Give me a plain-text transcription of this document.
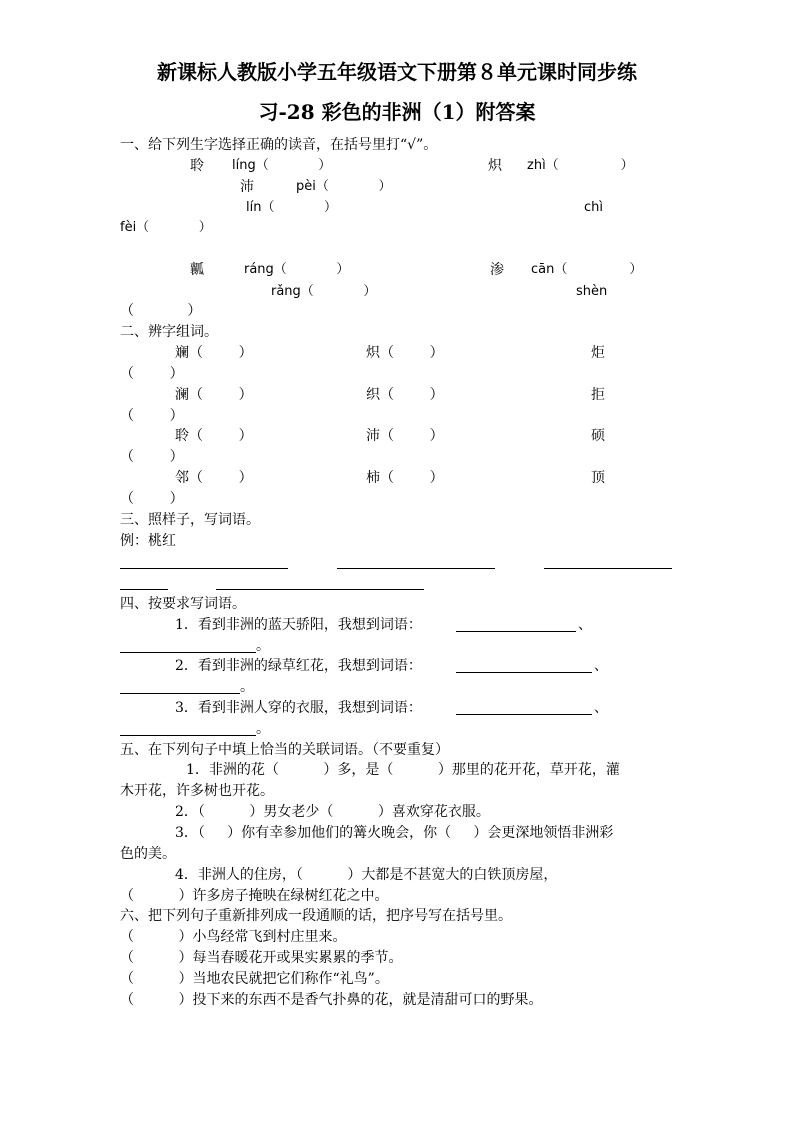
新课标人教版小学五年级语文下册第８单元课时同步练
习-28 彩色的非洲（1）附答案
一、给下列生字选择正确的读音，在括号里打“√”。
聆 líng（            ）	炽 zhì（               ）
沛	pèi（            ）
lín（            ）	chì
fèi（            ）
瓤	ráng（            ）	渗 cān（               ）
rǎng（            ）	shèn
（            ）
二、辨字组词。
斓（        ）	炽（        ）	炬
（        ）
澜（        ）	织（        ）	拒
（        ）
聆（        ）	沛（        ）	硕
（        ）
邻（        ）	柿（        ）	顶
（        ）
三、照样子，写词语。
例：桃红
四、按要求写词语。
1．看到非洲的蓝天骄阳，我想到词语：	、
。
2．看到非洲的绿草红花，我想到词语：	、
。
3．看到非洲人穿的衣服，我想到词语：	、
。
五、在下列句子中填上恰当的关联词语。（不要重复）
1．非洲的花（          ）多，是（          ）那里的花开花，草开花，灌
木开花，许多树也开花。
2．（          ）男女老少（          ）喜欢穿花衣服。
3．（     ）你有幸参加他们的篝火晚会，你（     ）会更深地领悟非洲彩
色的美。
4．非洲人的住房，（          ）大都是不甚宽大的白铁顶房屋，
（          ）许多房子掩映在绿树红花之中。
六、把下列句子重新排列成一段通顺的话，把序号写在括号里。
（          ）小鸟经常飞到村庄里来。
（          ）每当春暖花开或果实累累的季节。
（          ）当地农民就把它们称作“礼鸟”。
（          ）投下来的东西不是香气扑鼻的花，就是清甜可口的野果。
